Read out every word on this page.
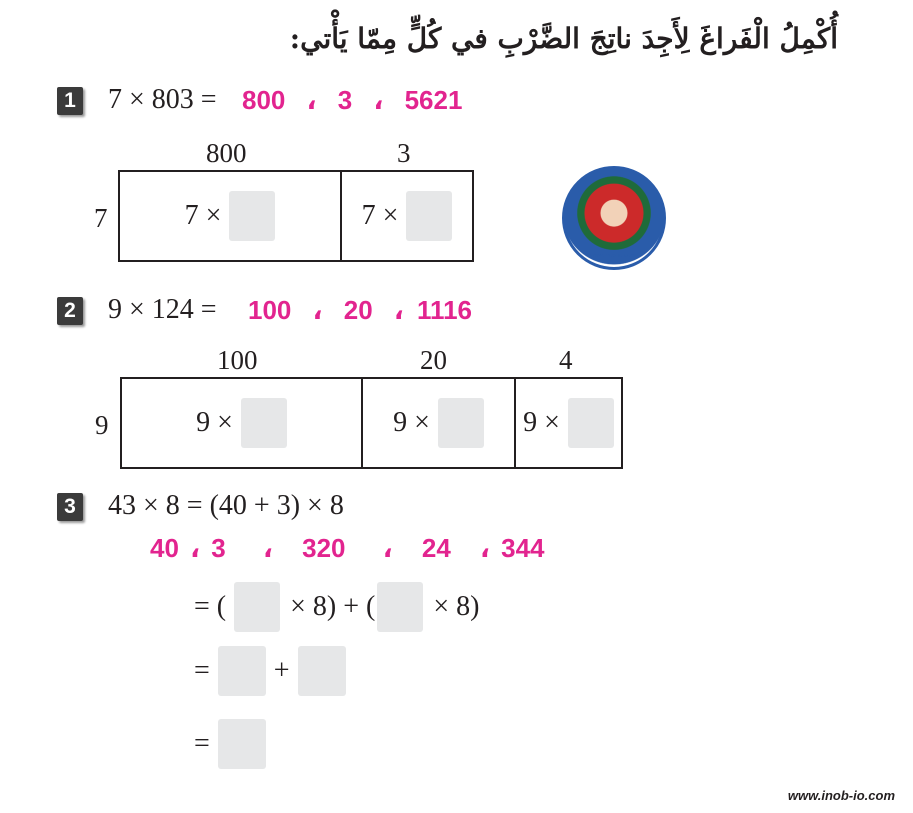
أُكْمِلُ الْفَراغَ لِأَجِدَ ناتِجَ الضَّرْبِ في كُلٍّ مِمّا يَأْتي:
1 7 × 803 = 800 ، 3 ، 5621
800	3
7	7 ×	7 ×
www.inob-io.com
2 9 × 124 = 100 ، 20 ، 1116
100	20	4
9	9 ×	9 ×	9 ×
3 43 × 8 = (40 + 3) × 8
40 ، 3 ، 320 ، 24 ، 344
= ( × 8) + ( × 8)
= +
=
www.inob-io.com
